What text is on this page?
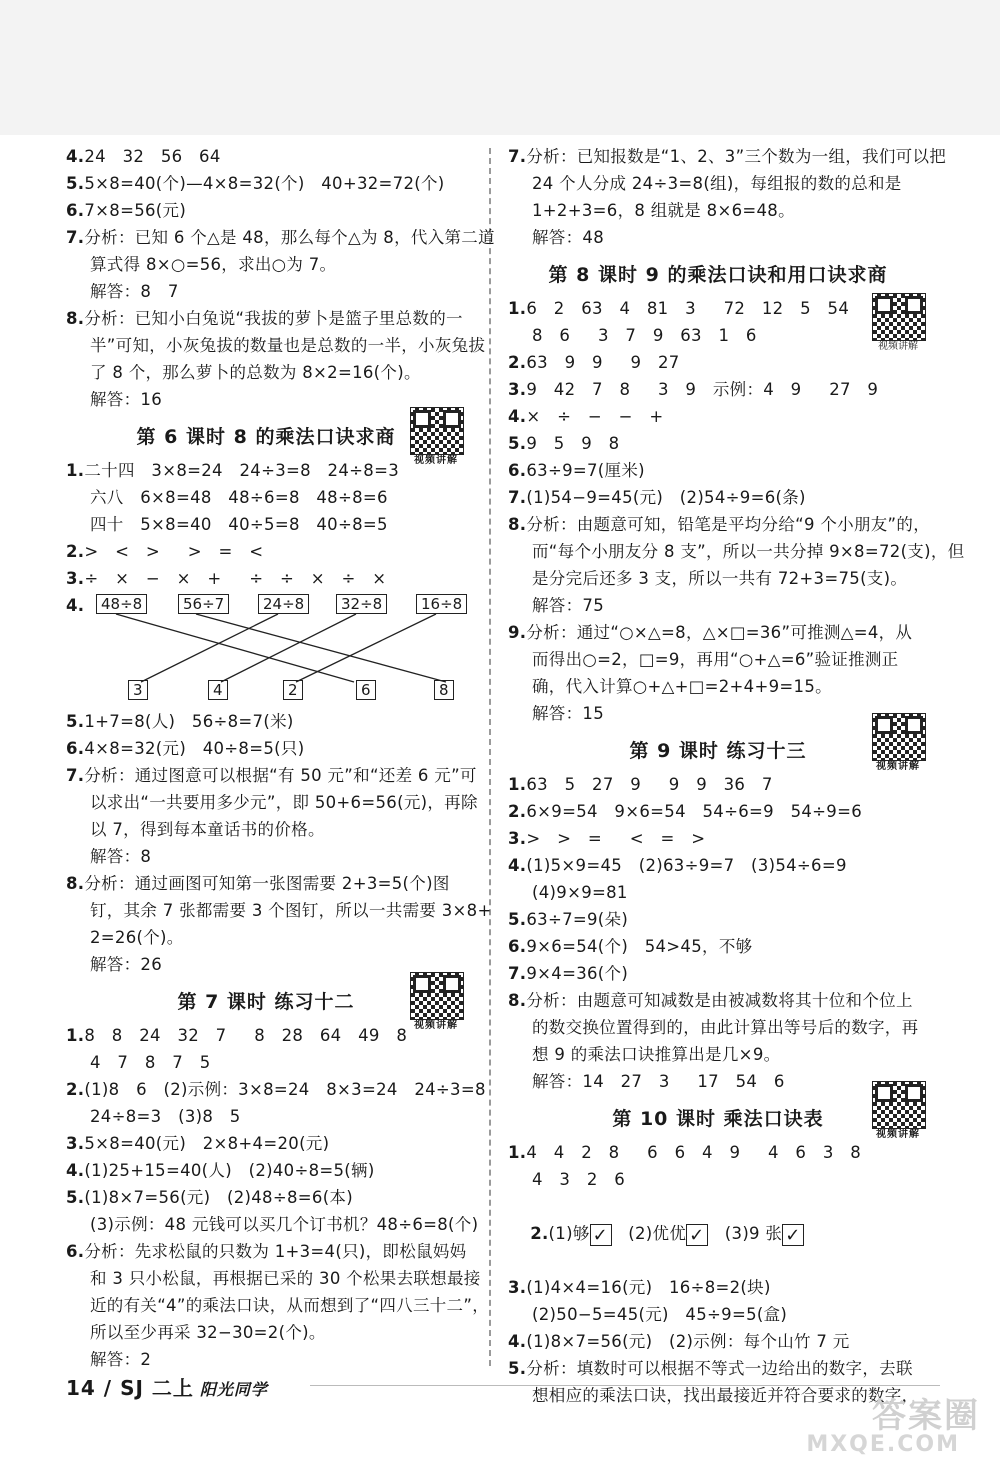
4.24   32   56   64
5.5×8=40(个)—4×8=32(个)   40+32=72(个)
6.7×8=56(元)
7.分析：已知 6 个△是 48，那么每个△为 8，代入第二道
算式得 8×○=56，求出○为 7。
解答：8   7
8.分析：已知小白兔说“我拔的萝卜是篮子里总数的一
半”可知，小灰兔拔的数量也是总数的一半，小灰兔拔
了 8 个，那么萝卜的总数为 8×2=16(个)。
解答：16
第 6 课时 8 的乘法口诀求商
视频讲解
1.二十四   3×8=24   24÷3=8   24÷8=3
六八   6×8=48   48÷6=8   48÷8=6
四十   5×8=40   40÷5=8   40÷8=5
2.>   <   >     >   =   <
3.÷   ×   −   ×   +     ÷   ÷   ×   ÷   ×
4.	48÷8	56÷7	24÷8	32÷8	16÷8
3	4	2	6	8
5.1+7=8(人)   56÷8=7(米)
6.4×8=32(元)   40÷8=5(只)
7.分析：通过图意可以根据“有 50 元”和“还差 6 元”可
以求出“一共要用多少元”，即 50+6=56(元)，再除
以 7，得到每本童话书的价格。
解答：8
8.分析：通过画图可知第一张图需要 2+3=5(个)图
钉，其余 7 张都需要 3 个图钉，所以一共需要 3×8+
2=26(个)。
解答：26
第 7 课时 练习十二
视频讲解
1.8   8   24   32   7     8   28   64   49   8
4   7   8   7   5
2.(1)8   6   (2)示例：3×8=24   8×3=24   24÷3=8
24÷8=3   (3)8   5
3.5×8=40(元)   2×8+4=20(元)
4.(1)25+15=40(人)   (2)40÷8=5(辆)
5.(1)8×7=56(元)   (2)48÷8=6(本)
(3)示例：48 元钱可以买几个订书机？48÷6=8(个)
6.分析：先求松鼠的只数为 1+3=4(只)，即松鼠妈妈
和 3 只小松鼠，再根据已采的 30 个松果去联想最接
近的有关“4”的乘法口诀，从而想到了“四八三十二”，
所以至少再采 32−30=2(个)。
解答：2
7.分析：已知报数是“1、2、3”三个数为一组，我们可以把
24 个人分成 24÷3=8(组)，每组报的数的总和是
1+2+3=6，8 组就是 8×6=48。
解答：48
第 8 课时 9 的乘法口诀和用口诀求商
视频讲解
1.6   2   63   4   81   3     72   12   5   54
8   6     3   7   9   63   1   6
2.63   9   9     9   27
3.9   42   7   8     3   9   示例：4   9     27   9
4.×   ÷   −   −   +
5.9   5   9   8
6.63÷9=7(厘米)
7.(1)54−9=45(元)   (2)54÷9=6(条)
8.分析：由题意可知，铅笔是平均分给“9 个小朋友”的，
而“每个小朋友分 8 支”，所以一共分掉 9×8=72(支)，但
是分完后还多 3 支，所以一共有 72+3=75(支)。
解答：75
9.分析：通过“○×△=8，△×□=36”可推测△=4，从
而得出○=2，□=9，再用“○+△=6”验证推测正
确，代入计算○+△+□=2+4+9=15。
解答：15
第 9 课时 练习十三
视频讲解
1.63   5   27   9     9   9   36   7
2.6×9=54   9×6=54   54÷6=9   54÷9=6
3.>   >   =     <   =   >
4.(1)5×9=45   (2)63÷9=7   (3)54÷6=9
(4)9×9=81
5.63÷7=9(朵)
6.9×6=54(个)   54>45，不够
7.9×4=36(个)
8.分析：由题意可知减数是由被减数将其十位和个位上
的数交换位置得到的，由此计算出等号后的数字，再
想 9 的乘法口诀推算出是几×9。
解答：14   27   3     17   54   6
第 10 课时 乘法口诀表
视频讲解
1.4   4   2   8     6   6   4   9     4   6   3   8
4   3   2   6

2.(1)够 ✓ (2)优优 ✓ (3)9 张 ✓

3.(1)4×4=16(元)   16÷8=2(块)
(2)50−5=45(元)   45÷9=5(盒)
4.(1)8×7=56(元)   (2)示例：每个山竹 7 元
5.分析：填数时可以根据不等式一边给出的数字，去联
想相应的乘法口诀，找出最接近并符合要求的数字，
14 / SJ 二上 阳光同学
答案圈
MXQE.COM
